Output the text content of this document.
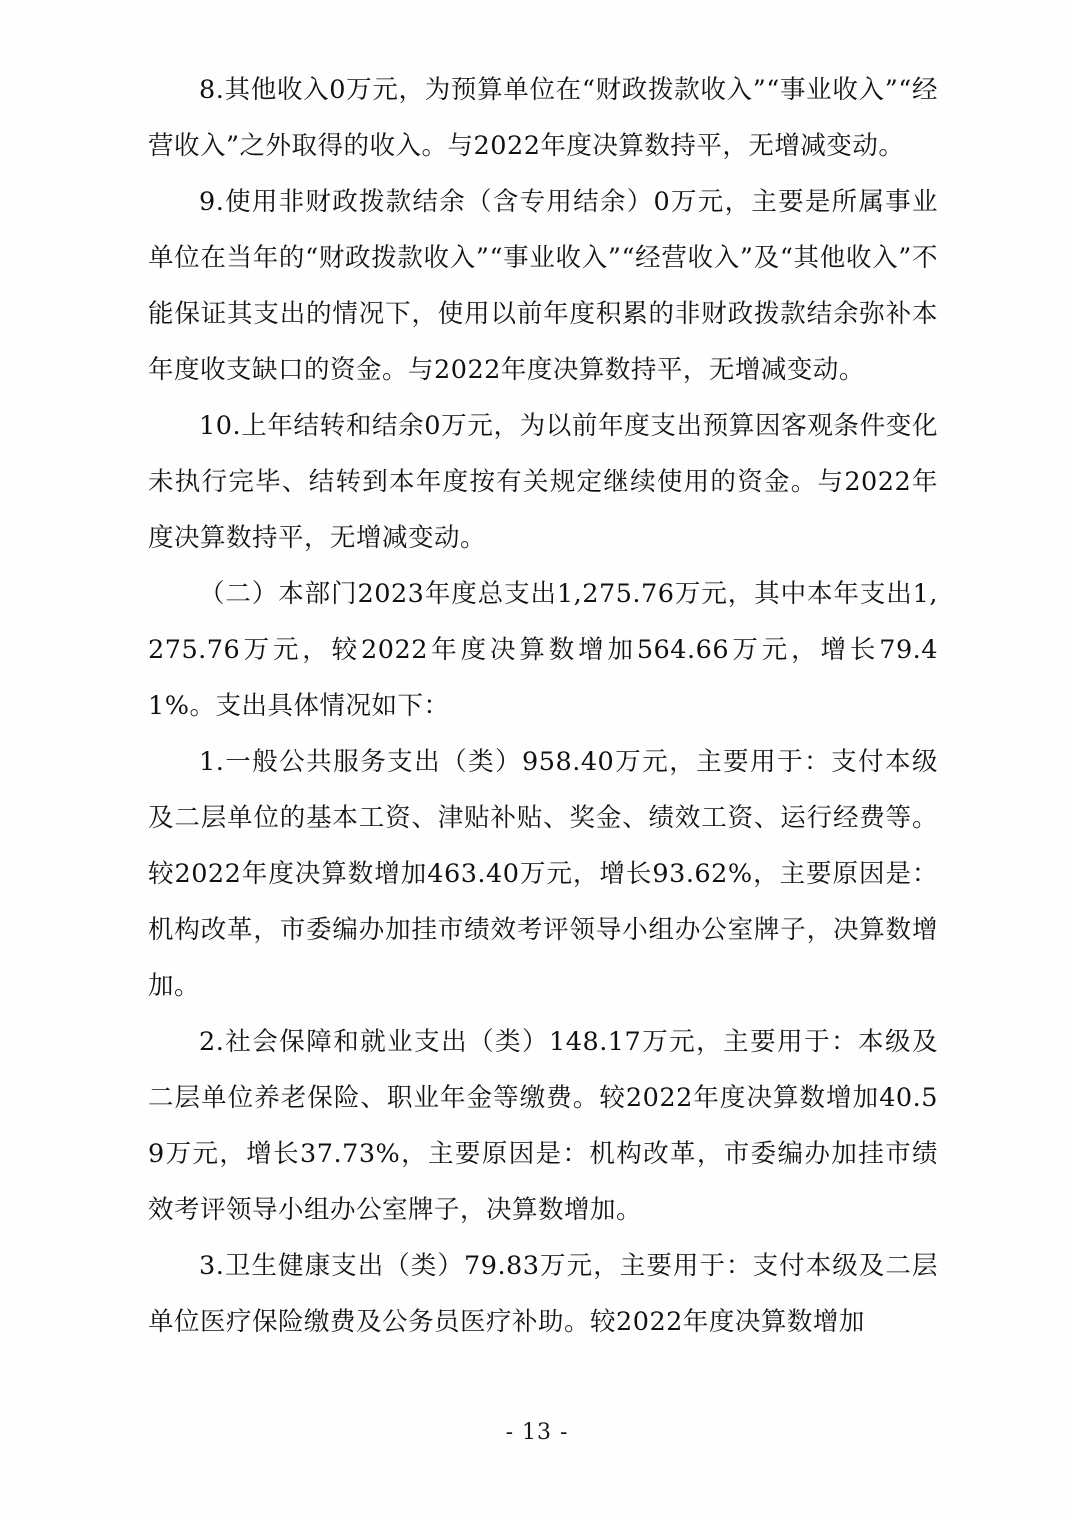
8.其他收入0万元，为预算单位在“财政拨款收入”“事业收入”“经营收入”之外取得的收入。与2022年度决算数持平，无增减变动。

9.使用非财政拨款结余（含专用结余）0万元，主要是所属事业单位在当年的“财政拨款收入”“事业收入”“经营收入”及“其他收入”不能保证其支出的情况下，使用以前年度积累的非财政拨款结余弥补本年度收支缺口的资金。与2022年度决算数持平，无增减变动。

10.上年结转和结余0万元，为以前年度支出预算因客观条件变化未执行完毕、结转到本年度按有关规定继续使用的资金。与2022年度决算数持平，无增减变动。

（二）本部门2023年度总支出1,275.76万元，其中本年支出1,275.76万元，较2022年度决算数增加564.66万元，增长79.41%。支出具体情况如下：

1.一般公共服务支出（类）958.40万元，主要用于：支付本级及二层单位的基本工资、津贴补贴、奖金、绩效工资、运行经费等。较2022年度决算数增加463.40万元，增长93.62%，主要原因是：机构改革，市委编办加挂市绩效考评领导小组办公室牌子，决算数增加。

2.社会保障和就业支出（类）148.17万元，主要用于：本级及二层单位养老保险、职业年金等缴费。较2022年度决算数增加40.59万元，增长37.73%，主要原因是：机构改革，市委编办加挂市绩效考评领导小组办公室牌子，决算数增加。

3.卫生健康支出（类）79.83万元，主要用于：支付本级及二层单位医疗保险缴费及公务员医疗补助。较2022年度决算数增加

- 13 -
